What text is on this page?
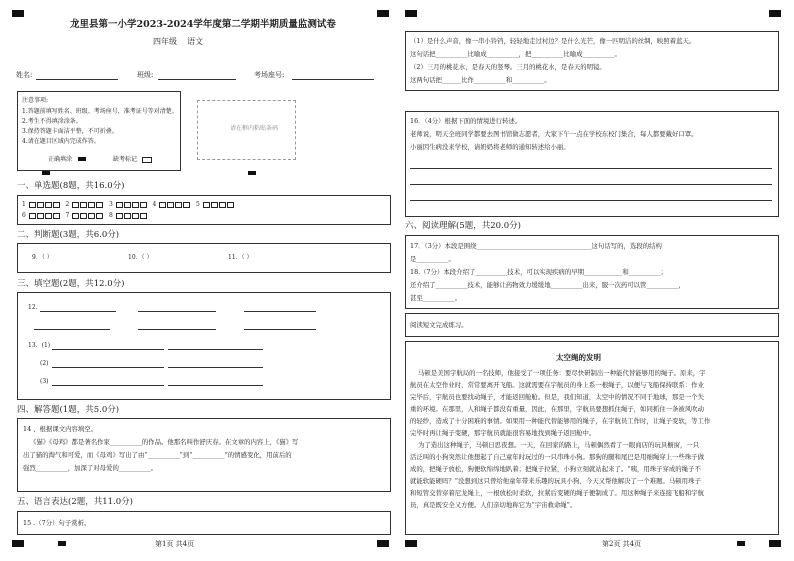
龙里县第一小学2023-2024学年度第二学期半期质量监测试卷
四年级    语文
姓名:	班级:	考场座号:
注意事项:
1.答题前填写姓名、班级、考场座号，准考证号等对清楚。
2.考生不得填涂涂条。
3.保持答题卡面洁平整，不可折叠。
4.请在题目区域内完成作答。
正确填涂	缺考标记
请在框内粘贴条码
一、单选题(8题，共16.0分)
1	2	3	4	5
6	7	8
二、判断题(3题，共6.0分)
9．（ ）	10．（ ）	11．（ ）
三、填空题(2题，共12.0分)
12．
13．(1)
(2)
(3)
四、解答题(1题，共5.0分)
14 、根据课文内容填空。
《猫》《母鸡》都是著名作家__________的作品。他那名叫作舒庆春。在文章的内容上，《猫》写
出了猫的淘气和可爱，而《母鸡》写出了由“__________”到“__________”的情感变化，用前后的
强烈__________，加深了对母爱的__________。
五、语言表达(2题，共11.0分)
15 .（7分）句子赏析。
第1页 共4页
（1）是什么声音，像一串小铃铛，轻轻地走过村边？是什么光芒，像一匹明洁的丝绸，映照着蓝天。
这句话把__________比喻成__________，把__________比喻成__________。
（2）三月的桃花水，是春天的竖琴。三月的桃花水，是春天的明镜。
这两句话把______比作__________和__________。
16．（4分）根据下面的情境进行转述。
老师说，明天全班同学都要去图书馆做志愿者，大家下午一点在学校东校门集合，每人都要戴好口罩。
小丽因生病没来学校，请奶奶将老师的通知转述给小丽。
六、阅读理解(5题，共20.0分)
17．（3分）本段是围绕____________________________________这句话写的，选段的结构
是__________。
18.（7分）本段介绍了__________技术，可以实现疾病的早期____________和__________；
还介绍了__________技术，能够让药物效力缓缓地__________出来，服一次药可以管__________，
甚至__________。
阅读短文完成练习。
太空绳的发明
马顿是美国宇航局的一名技师，他接受了一项任务：要尽快研制出一种能代替能够用的绳子。原来，宇
航员在太空作业时，常常要离开飞船。这就需要在宇航员的身上系一根绳子，以便与飞船保持联系：作业
完毕后，宇航员也要找动绳子，才能返回舱舱。但是，我们知道，太空中的情况不同于地球，那是一个失
重的环境。在那里，人和绳子都没有重量，因此，在那里，宇航员要想抓住绳子，如同抓住一条被风吹动
的轻纱，造成了十分困难的事情。如果用一种能代替能够用的绳子，在宇航员工作时，让绳子变软，等工作
完毕时再让绳子变硬，那宇航员就能很容易地找到绳子返回舱中。
为了造出这种绳子，马顿日思夜想。一天，在回家的路上，马顿偶然看了一眼商店的玩具橱窗，一只
活泛叫的小狗突然让他想起了自己童年时玩过的一只串珠小狗。那狗的腿和尾巴是用细绳穿上一些珠子做
成的，把绳子放松，狗便软绵绵地趴着；把绳子拉紧，小狗立刻就站起来了。“咦，用珠子穿成的绳子不
就能软能硬吗？”没想到这只曾给他童年带来乐趣的玩具小狗，今天又帮他解决了一个难题。马顿用珠子
和短管交替穿着尼龙绳上，一根放松时柔软，拉紧后变硬的绳子便制成了。用这种绳子来连接飞船和宇航
员，真是既安全又方便。人们亲切地称它为“宇宙救命绳”。
第2页 共4页
